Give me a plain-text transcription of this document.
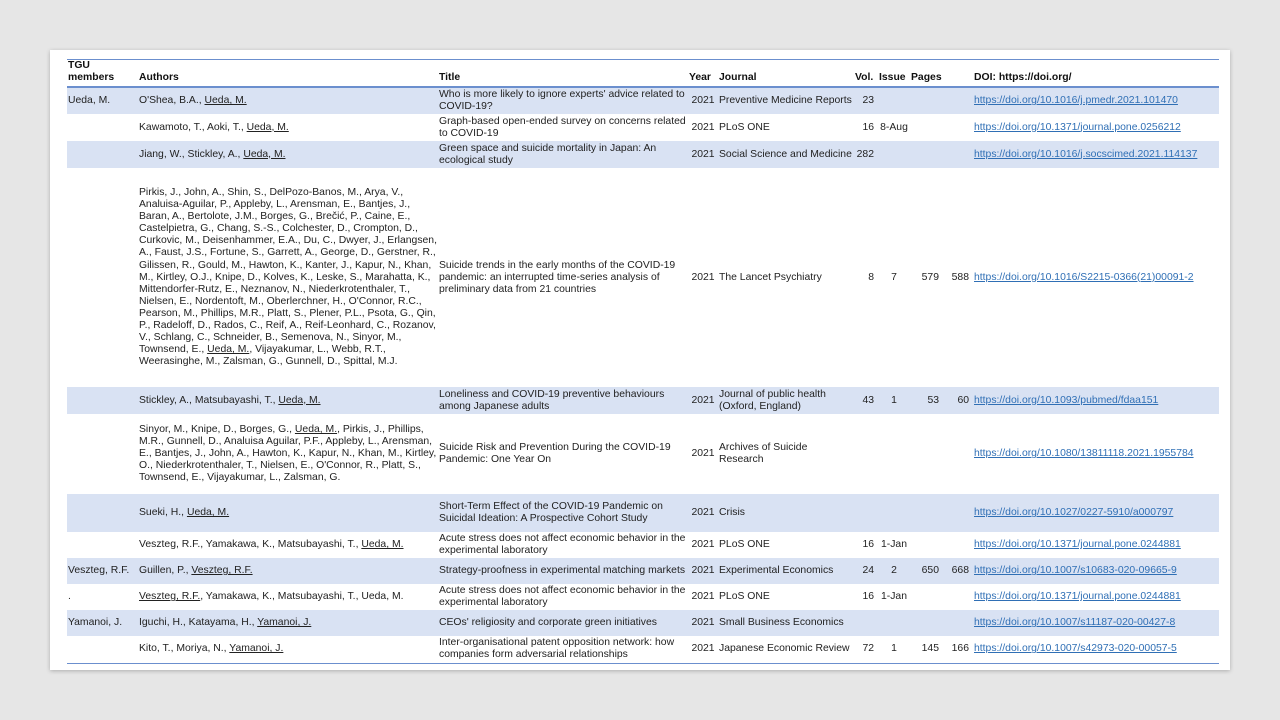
TGU members	Authors	Title	Year	Journal	Vol.	Issue	Pages		DOI: https://doi.org/
Ueda, M.	O'Shea, B.A., Ueda, M.	Who is more likely to ignore experts' advice related to COVID-19?	2021	Preventive Medicine Reports	23				https://doi.org/10.1016/j.pmedr.2021.101470
	Kawamoto, T., Aoki, T., Ueda, M.	Graph-based open-ended survey on concerns related to COVID-19	2021	PLoS ONE	16	8-Aug			https://doi.org/10.1371/journal.pone.0256212
	Jiang, W., Stickley, A., Ueda, M.	Green space and suicide mortality in Japan: An ecological study	2021	Social Science and Medicine	282				https://doi.org/10.1016/j.socscimed.2021.114137
	Pirkis, J., John, A., Shin, S., DelPozo-Banos, M., Arya, V., Analuisa-Aguilar, P., Appleby, L., Arensman, E., Bantjes, J., Baran, A., Bertolote, J.M., Borges, G., Brečić, P., Caine, E., Castelpietra, G., Chang, S.-S., Colchester, D., Crompton, D., Curkovic, M., Deisenhammer, E.A., Du, C., Dwyer, J., Erlangsen, A., Faust, J.S., Fortune, S., Garrett, A., George, D., Gerstner, R., Gilissen, R., Gould, M., Hawton, K., Kanter, J., Kapur, N., Khan, M., Kirtley, O.J., Knipe, D., Kolves, K., Leske, S., Marahatta, K., Mittendorfer-Rutz, E., Neznanov, N., Niederkrotenthaler, T., Nielsen, E., Nordentoft, M., Oberlerchner, H., O'Connor, R.C., Pearson, M., Phillips, M.R., Platt, S., Plener, P.L., Psota, G., Qin, P., Radeloff, D., Rados, C., Reif, A., Reif-Leonhard, C., Rozanov, V., Schlang, C., Schneider, B., Semenova, N., Sinyor, M., Townsend, E., Ueda, M., Vijayakumar, L., Webb, R.T., Weerasinghe, M., Zalsman, G., Gunnell, D., Spittal, M.J.	Suicide trends in the early months of the COVID-19 pandemic: an interrupted time-series analysis of preliminary data from 21 countries	2021	The Lancet Psychiatry	8	7	579	588	https://doi.org/10.1016/S2215-0366(21)00091-2
	Stickley, A., Matsubayashi, T., Ueda, M.	Loneliness and COVID-19 preventive behaviours among Japanese adults	2021	Journal of public health (Oxford, England)	43	1	53	60	https://doi.org/10.1093/pubmed/fdaa151
	Sinyor, M., Knipe, D., Borges, G., Ueda, M., Pirkis, J., Phillips, M.R., Gunnell, D., Analuisa Aguilar, P.F., Appleby, L., Arensman, E., Bantjes, J., John, A., Hawton, K., Kapur, N., Khan, M., Kirtley, O., Niederkrotenthaler, T., Nielsen, E., O'Connor, R., Platt, S., Townsend, E., Vijayakumar, L., Zalsman, G.	Suicide Risk and Prevention During the COVID-19 Pandemic: One Year On	2021	Archives of Suicide Research					https://doi.org/10.1080/13811118.2021.1955784
	Sueki, H., Ueda, M.	Short-Term Effect of the COVID-19 Pandemic on Suicidal Ideation: A Prospective Cohort Study	2021	Crisis					https://doi.org/10.1027/0227-5910/a000797
	Veszteg, R.F., Yamakawa, K., Matsubayashi, T., Ueda, M.	Acute stress does not affect economic behavior in the experimental laboratory	2021	PLoS ONE	16	1-Jan			https://doi.org/10.1371/journal.pone.0244881
Veszteg, R.F.	Guillen, P., Veszteg, R.F.	Strategy-proofness in experimental matching markets	2021	Experimental Economics	24	2	650	668	https://doi.org/10.1007/s10683-020-09665-9
.	Veszteg, R.F., Yamakawa, K., Matsubayashi, T., Ueda, M.	Acute stress does not affect economic behavior in the experimental laboratory	2021	PLoS ONE	16	1-Jan			https://doi.org/10.1371/journal.pone.0244881
Yamanoi, J.	Iguchi, H., Katayama, H., Yamanoi, J.	CEOs' religiosity and corporate green initiatives	2021	Small Business Economics					https://doi.org/10.1007/s11187-020-00427-8
	Kito, T., Moriya, N., Yamanoi, J.	Inter-organisational patent opposition network: how companies form adversarial relationships	2021	Japanese Economic Review	72	1	145	166	https://doi.org/10.1007/s42973-020-00057-5
